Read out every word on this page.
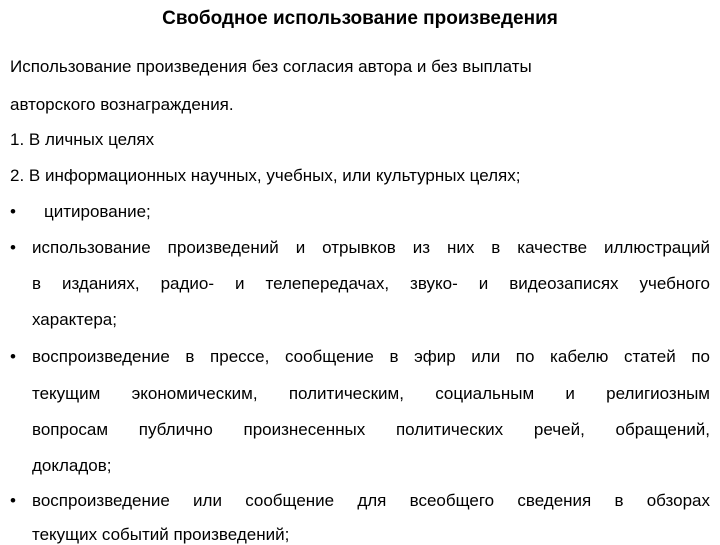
Свободное использование произведения
Использование произведения без согласия автора и без выплаты
авторского вознаграждения.
1. В личных целях
2. В информационных научных, учебных, или культурных целях;
• цитирование;
• использование произведений и отрывков из них в качестве иллюстраций
в изданиях, радио- и телепередачах, звуко- и видеозаписях учебного
характера;
• воспроизведение в прессе, сообщение в эфир или по кабелю статей по
текущим экономическим, политическим, социальным и религиозным
вопросам публично произнесенных политических речей, обращений,
докладов;
• воспроизведение или сообщение для всеобщего сведения в обзорах
текущих событий произведений;
